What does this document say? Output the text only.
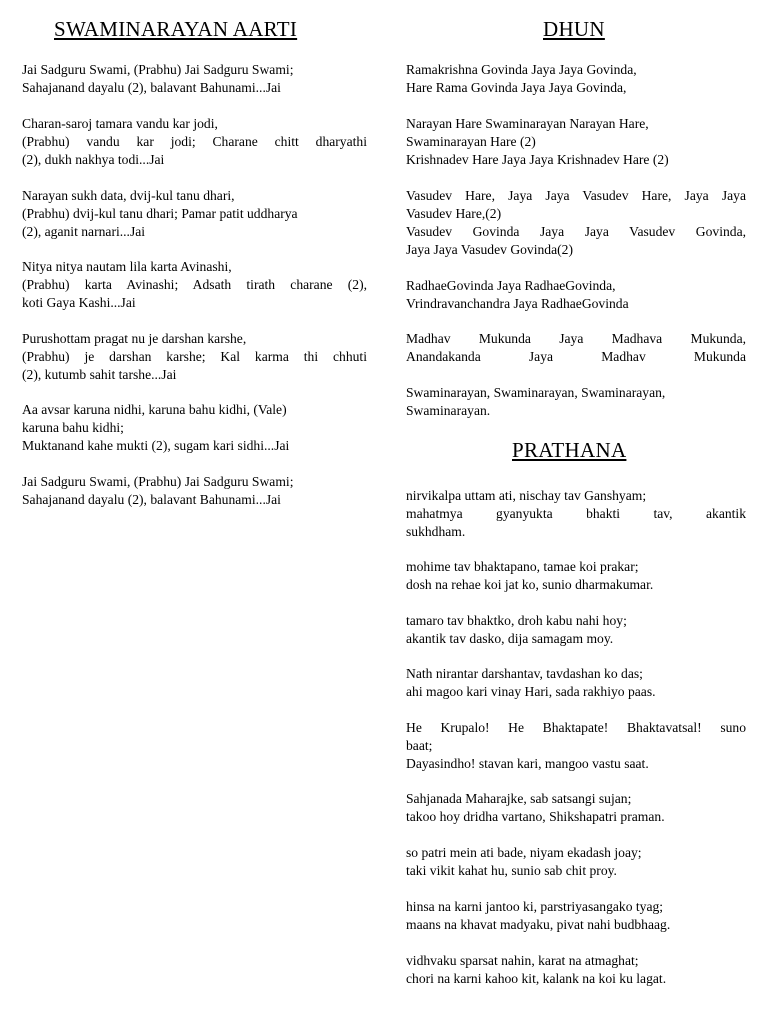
SWAMINARAYAN AARTI
Jai Sadguru Swami, (Prabhu) Jai Sadguru Swami;
Sahajanand dayalu (2), balavant Bahunami...Jai
Charan-saroj tamara vandu kar jodi,
(Prabhu) vandu kar jodi; Charane chitt dharyathi
(2), dukh nakhya todi...Jai
Narayan sukh data, dvij-kul tanu dhari,
(Prabhu) dvij-kul tanu dhari; Pamar patit uddharya
(2), aganit narnari...Jai
Nitya nitya nautam lila karta Avinashi,
(Prabhu) karta Avinashi; Adsath tirath charane (2),
koti Gaya Kashi...Jai
Purushottam pragat nu je darshan karshe,
(Prabhu) je darshan karshe; Kal karma thi chhuti
(2), kutumb sahit tarshe...Jai
Aa avsar karuna nidhi, karuna bahu kidhi, (Vale)
karuna bahu kidhi;
Muktanand kahe mukti (2), sugam kari sidhi...Jai
Jai Sadguru Swami, (Prabhu) Jai Sadguru Swami;
Sahajanand dayalu (2), balavant Bahunami...Jai
DHUN
Ramakrishna Govinda Jaya Jaya Govinda,
Hare Rama Govinda Jaya Jaya Govinda,
Narayan Hare Swaminarayan Narayan Hare,
Swaminarayan Hare (2)
Krishnadev Hare Jaya Jaya Krishnadev Hare (2)
Vasudev Hare, Jaya Jaya Vasudev Hare, Jaya Jaya
Vasudev Hare,(2)
Vasudev Govinda Jaya Jaya Vasudev Govinda,
Jaya Jaya Vasudev Govinda(2)
RadhaeGovinda Jaya RadhaeGovinda,
Vrindravanchandra Jaya RadhaeGovinda
Madhav Mukunda Jaya Madhava Mukunda,
Anandakanda Jaya Madhav Mukunda
Swaminarayan, Swaminarayan, Swaminarayan,
Swaminarayan.
PRATHANA
nirvikalpa uttam ati, nischay tav Ganshyam;
mahatmya gyanyukta bhakti tav, akantik
sukhdham.
mohime tav bhaktapano, tamae koi prakar;
dosh na rehae koi jat ko, sunio dharmakumar.
tamaro tav bhaktko, droh kabu nahi hoy;
akantik tav dasko, dija samagam moy.
Nath nirantar darshantav, tavdashan ko das;
ahi magoo kari vinay Hari, sada rakhiyo paas.
He Krupalo! He Bhaktapate! Bhaktavatsal! suno
baat;
Dayasindho! stavan kari, mangoo vastu saat.
Sahjanada Maharajke, sab satsangi sujan;
takoo hoy dridha vartano, Shikshapatri praman.
so patri mein ati bade, niyam ekadash joay;
taki vikit kahat hu, sunio sab chit proy.
hinsa na karni jantoo ki, parstriyasangako tyag;
maans na khavat madyaku, pivat nahi budbhaag.
vidhvaku sparsat nahin, karat na atmaghat;
chori na karni kahoo kit, kalank na koi ku lagat.
